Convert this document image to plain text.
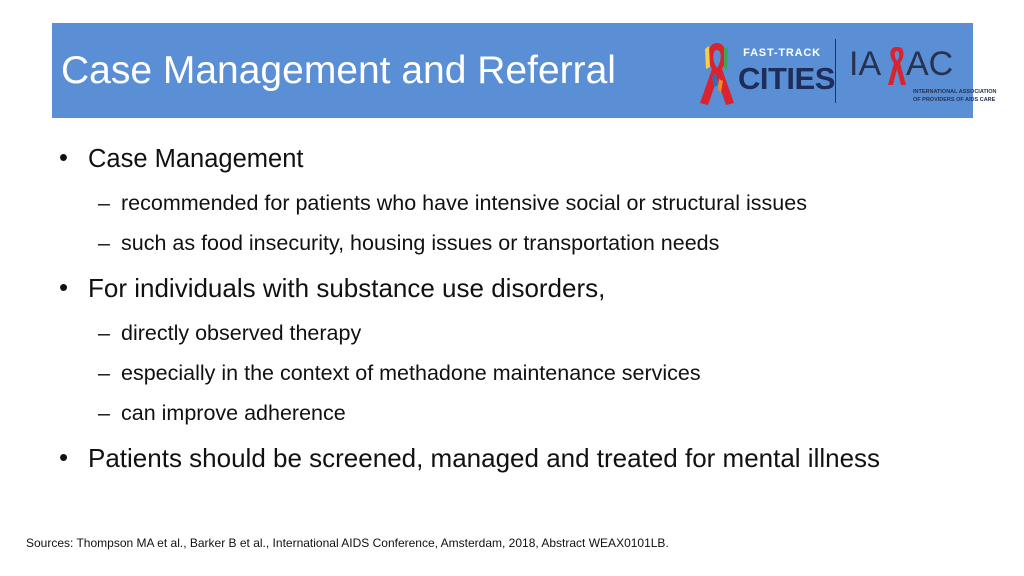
Case Management and Referral	FAST-TRACK
CITIES IA AC
INTERNATIONAL ASSOCIATION
OF PROVIDERS OF AIDS CARE
• Case Management
– recommended for patients who have intensive social or structural issues
– such as food insecurity, housing issues or transportation needs
• For individuals with substance use disorders,
– directly observed therapy
– especially in the context of methadone maintenance services
– can improve adherence
• Patients should be screened, managed and treated for mental illness
Sources: Thompson MA et al., Barker B et al., International AIDS Conference, Amsterdam, 2018, Abstract WEAX0101LB.
